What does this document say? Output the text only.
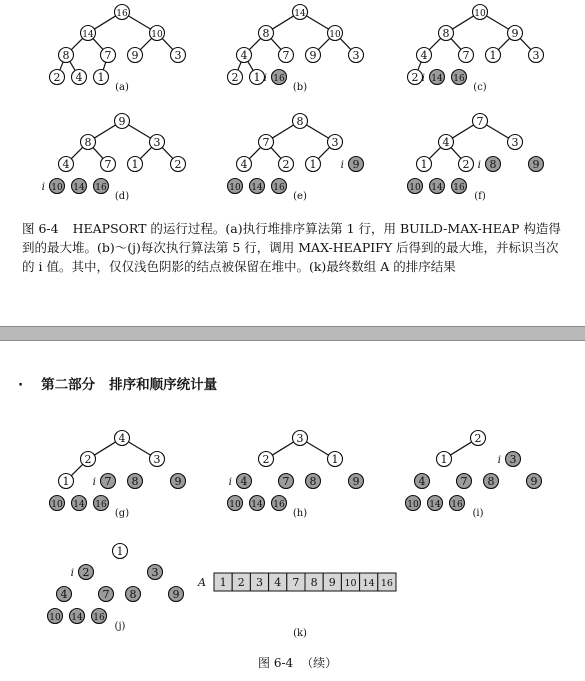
16
14	10
8	7 9	3
2 4 1
(a)
14
8	10
4	7 9	3
2 1 16
i
(b)
10
8	9
4	7 1	3
2 14 16
i
(c)
9
8	3
4	7 1	2
10 14 16
i
(d)
8
7	3
4	2 1	9
10 14 16
i
(e)
7
4	3
1	2 8	9
10 14 16
i
(f)
4
2	3
1	7 8	9
10 14 16
i
(g)
3
2	1
4	7 8	9
10 14 16
i
(h)
2
1	3
4	7 8	9
10 14 16
i
(i)
1
2	3
4	7 8	9
10 14 16
i
(j)
A 1 2 3 4 7 8 9 10 14 16
(k)
图 6-4 HEAPSORT 的运行过程。(a)执行堆排序算法第 1 行，用 BUILD-MAX-HEAP 构造得到的最大堆。(b)～(j)每次执行算法第 5 行，调用 MAX-HEAPIFY 后得到的最大堆，并标识当次的 i 值。其中，仅仅浅色阴影的结点被保留在堆中。(k)最终数组 A 的排序结果
· 第二部分 排序和顺序统计量
图 6-4 （续）
